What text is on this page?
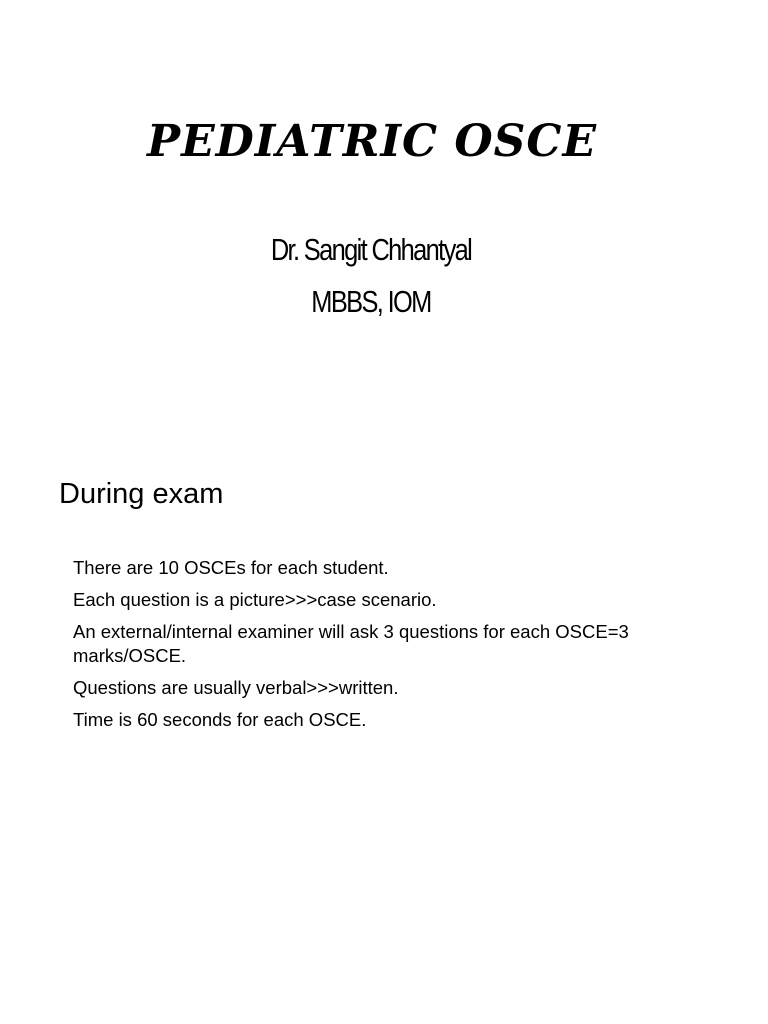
PEDIATRIC OSCE
Dr. Sangit Chhantyal
MBBS, IOM
During exam
There are 10 OSCEs for each student.
Each question is a picture>>>case scenario.
An external/internal examiner will ask 3 questions for each OSCE=3 marks/OSCE.
Questions are usually verbal>>>written.
Time is 60 seconds for each OSCE.
